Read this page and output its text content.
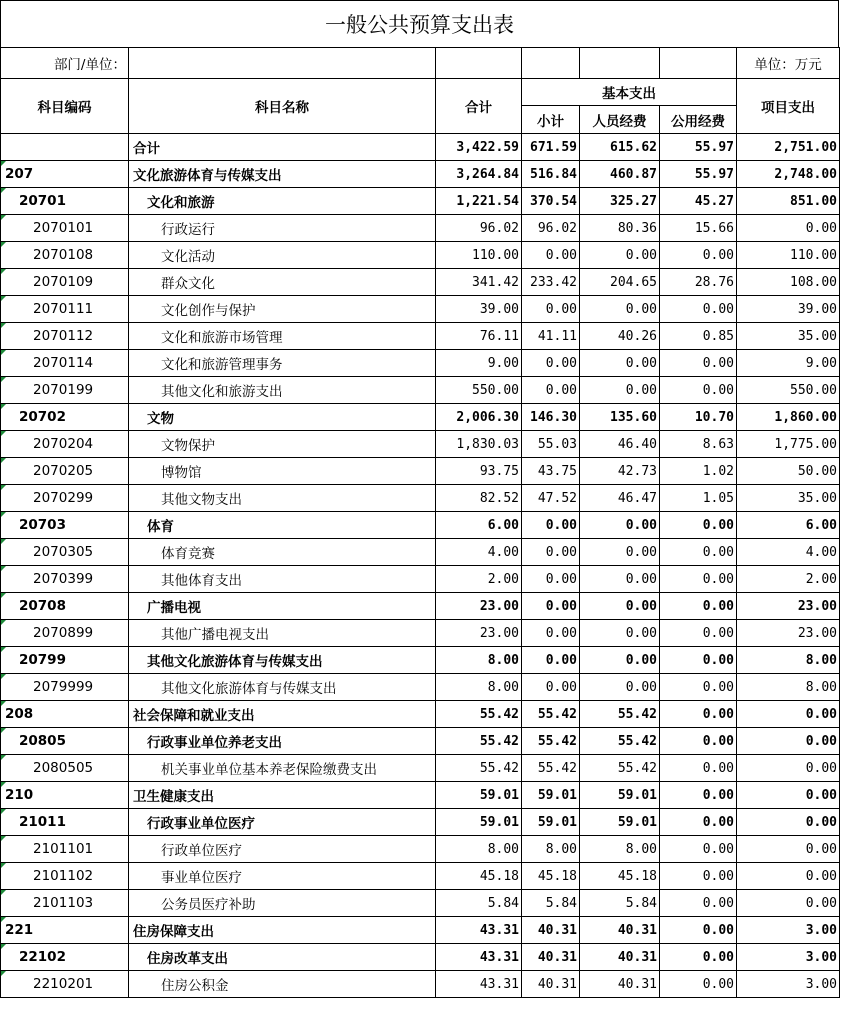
一般公共预算支出表
部门/单位：						单位：万元
科目编码	科目名称	合计	基本支出			项目支出
			小计	人员经费	公用经费	
	合计	3,422.59	671.59	615.62	55.97	2,751.00

207	文化旅游体育与传媒支出	3,264.84	516.84	460.87	55.97	2,748.00

20701	文化和旅游	1,221.54	370.54	325.27	45.27	851.00

2070101	行政运行	96.02	96.02	80.36	15.66	0.00

2070108	文化活动	110.00	0.00	0.00	0.00	110.00

2070109	群众文化	341.42	233.42	204.65	28.76	108.00

2070111	文化创作与保护	39.00	0.00	0.00	0.00	39.00

2070112	文化和旅游市场管理	76.11	41.11	40.26	0.85	35.00

2070114	文化和旅游管理事务	9.00	0.00	0.00	0.00	9.00

2070199	其他文化和旅游支出	550.00	0.00	0.00	0.00	550.00

20702	文物	2,006.30	146.30	135.60	10.70	1,860.00

2070204	文物保护	1,830.03	55.03	46.40	8.63	1,775.00

2070205	博物馆	93.75	43.75	42.73	1.02	50.00

2070299	其他文物支出	82.52	47.52	46.47	1.05	35.00

20703	体育	6.00	0.00	0.00	0.00	6.00

2070305	体育竞赛	4.00	0.00	0.00	0.00	4.00

2070399	其他体育支出	2.00	0.00	0.00	0.00	2.00

20708	广播电视	23.00	0.00	0.00	0.00	23.00

2070899	其他广播电视支出	23.00	0.00	0.00	0.00	23.00

20799	其他文化旅游体育与传媒支出	8.00	0.00	0.00	0.00	8.00

2079999	其他文化旅游体育与传媒支出	8.00	0.00	0.00	0.00	8.00

208	社会保障和就业支出	55.42	55.42	55.42	0.00	0.00

20805	行政事业单位养老支出	55.42	55.42	55.42	0.00	0.00

2080505	机关事业单位基本养老保险缴费支出	55.42	55.42	55.42	0.00	0.00

210	卫生健康支出	59.01	59.01	59.01	0.00	0.00

21011	行政事业单位医疗	59.01	59.01	59.01	0.00	0.00

2101101	行政单位医疗	8.00	8.00	8.00	0.00	0.00

2101102	事业单位医疗	45.18	45.18	45.18	0.00	0.00

2101103	公务员医疗补助	5.84	5.84	5.84	0.00	0.00

221	住房保障支出	43.31	40.31	40.31	0.00	3.00

22102	住房改革支出	43.31	40.31	40.31	0.00	3.00

2210201	住房公积金	43.31	40.31	40.31	0.00	3.00
